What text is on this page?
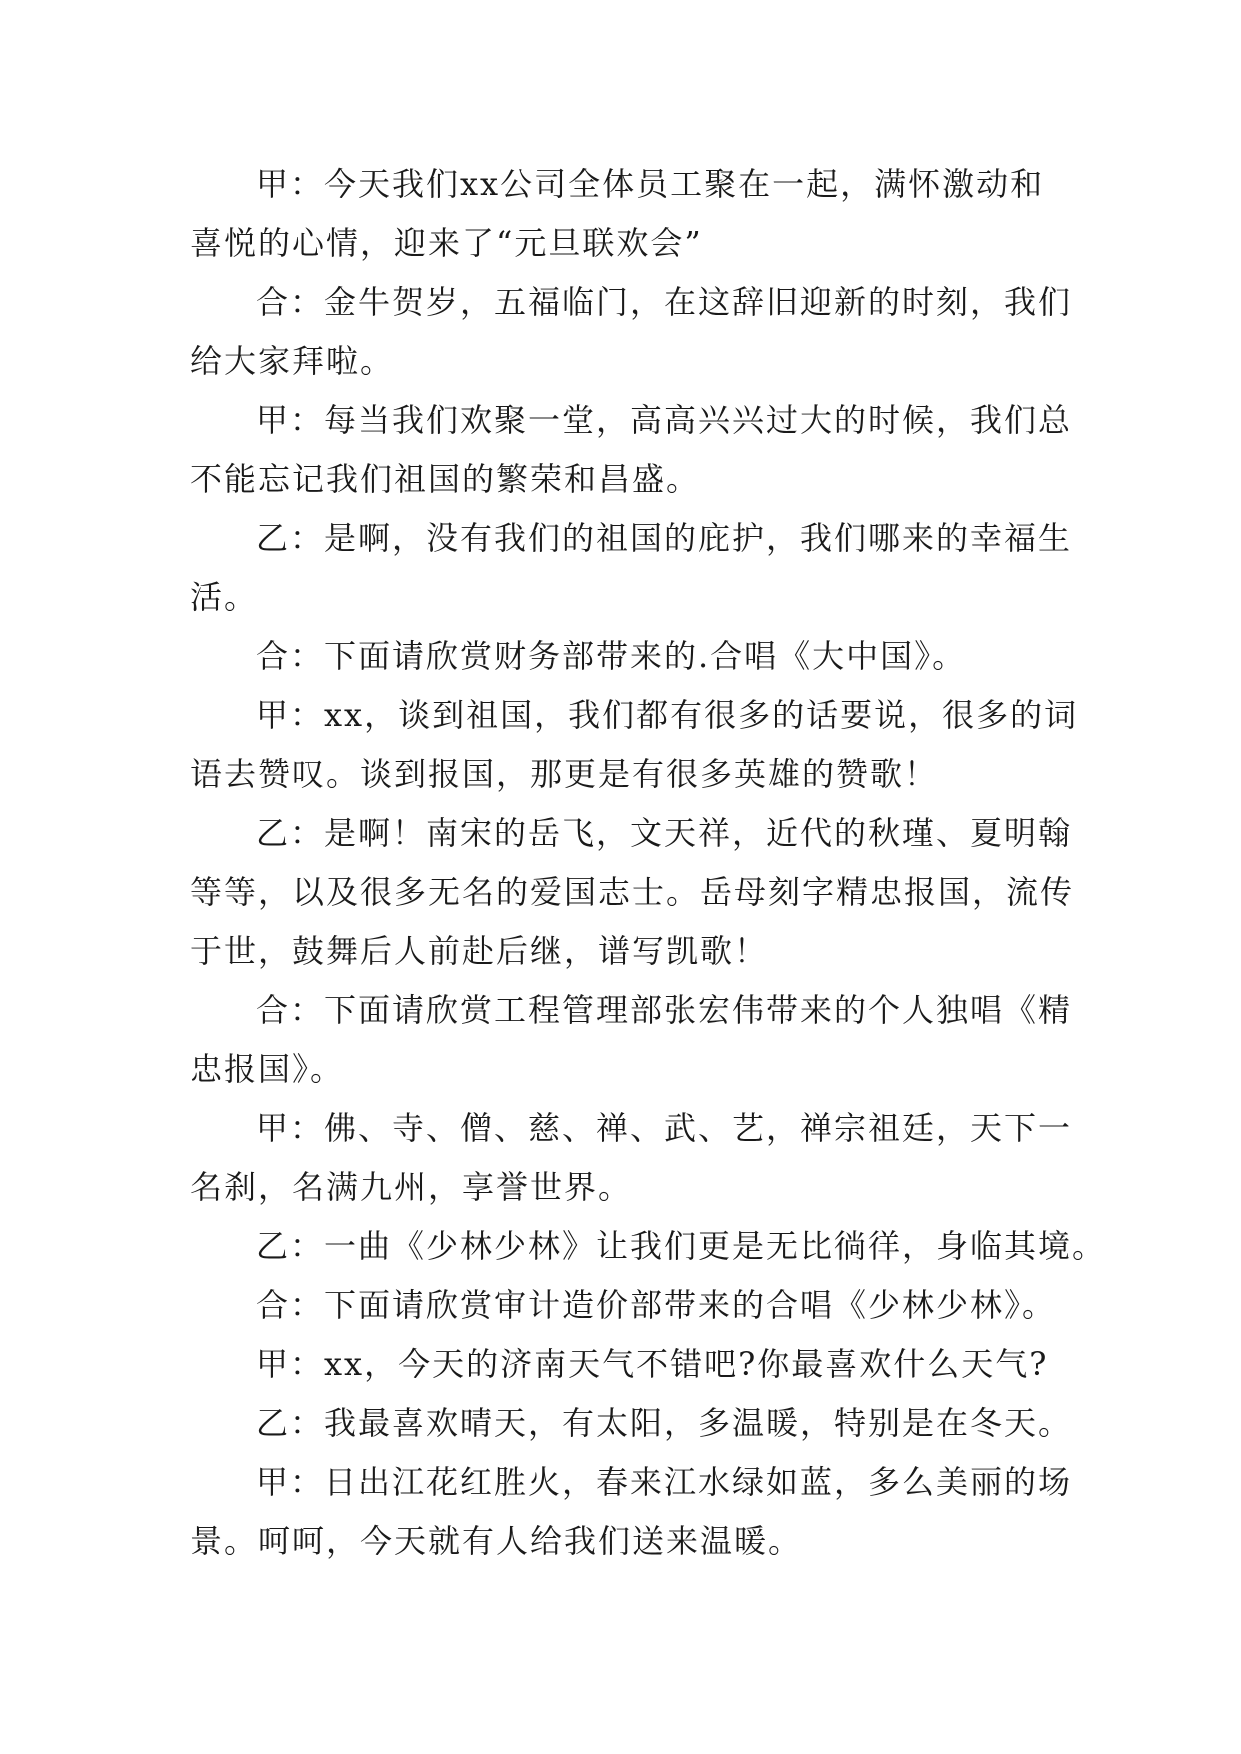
甲：今天我们xx公司全体员工聚在一起，满怀激动和
喜悦的心情，迎来了“元旦联欢会”
合：金牛贺岁，五福临门，在这辞旧迎新的时刻，我们
给大家拜啦。
甲：每当我们欢聚一堂，高高兴兴过大的时候，我们总
不能忘记我们祖国的繁荣和昌盛。
乙：是啊，没有我们的祖国的庇护，我们哪来的幸福生
活。
合：下面请欣赏财务部带来的.合唱《大中国》。
甲：xx，谈到祖国，我们都有很多的话要说，很多的词
语去赞叹。谈到报国，那更是有很多英雄的赞歌！
乙：是啊！南宋的岳飞，文天祥，近代的秋瑾、夏明翰
等等，以及很多无名的爱国志士。岳母刻字精忠报国，流传
于世，鼓舞后人前赴后继，谱写凯歌！
合：下面请欣赏工程管理部张宏伟带来的个人独唱《精
忠报国》。
甲：佛、寺、僧、慈、禅、武、艺，禅宗祖廷，天下一
名刹，名满九州，享誉世界。
乙：一曲《少林少林》让我们更是无比徜徉，身临其境。
合：下面请欣赏审计造价部带来的合唱《少林少林》。
甲：xx，今天的济南天气不错吧?你最喜欢什么天气?
乙：我最喜欢晴天，有太阳，多温暖，特别是在冬天。
甲：日出江花红胜火，春来江水绿如蓝，多么美丽的场
景。呵呵，今天就有人给我们送来温暖。
